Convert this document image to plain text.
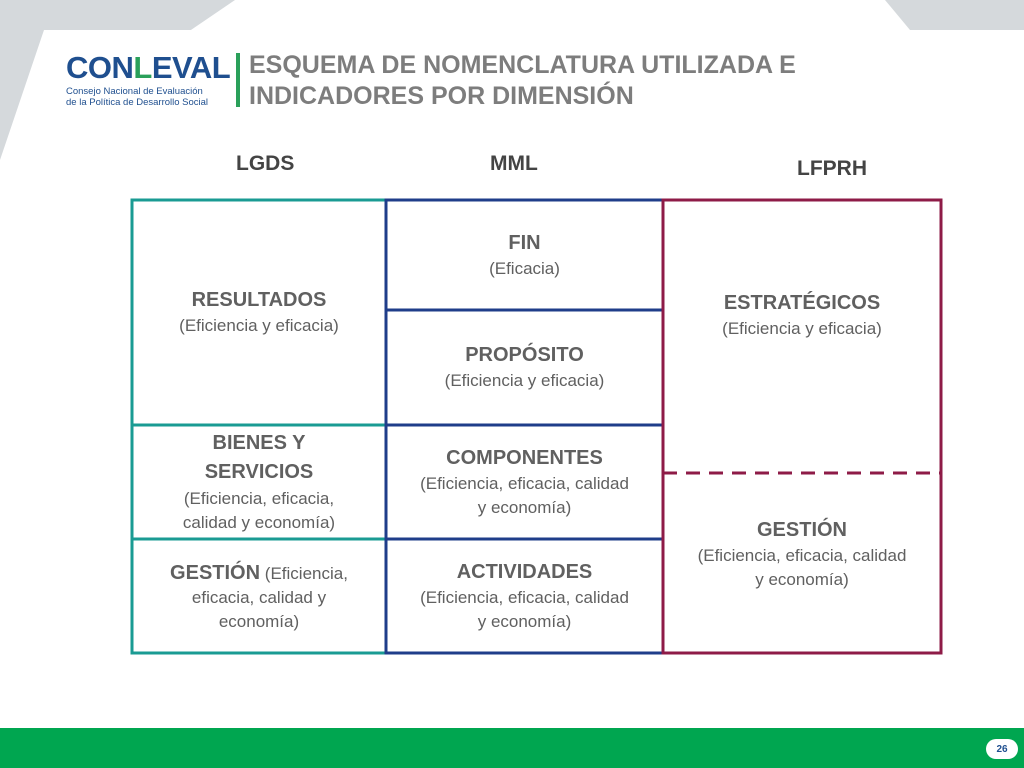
CONLEVAL
Consejo Nacional de Evaluación
de la Política de Desarrollo Social
ESQUEMA DE NOMENCLATURA UTILIZADA E
INDICADORES POR DIMENSIÓN
LGDS	MML	LFPRH
RESULTADOS
(Eficiencia y eficacia)
BIENES Y
SERVICIOS
(Eficiencia, eficacia,
calidad y economía)
GESTIÓN (Eficiencia,
eficacia, calidad y
economía)
FIN
(Eficacia)
PROPÓSITO
(Eficiencia y eficacia)
COMPONENTES
(Eficiencia, eficacia, calidad
y economía)
ACTIVIDADES
(Eficiencia, eficacia, calidad
y economía)
ESTRATÉGICOS
(Eficiencia y eficacia)
GESTIÓN
(Eficiencia, eficacia, calidad
y economía)
26
